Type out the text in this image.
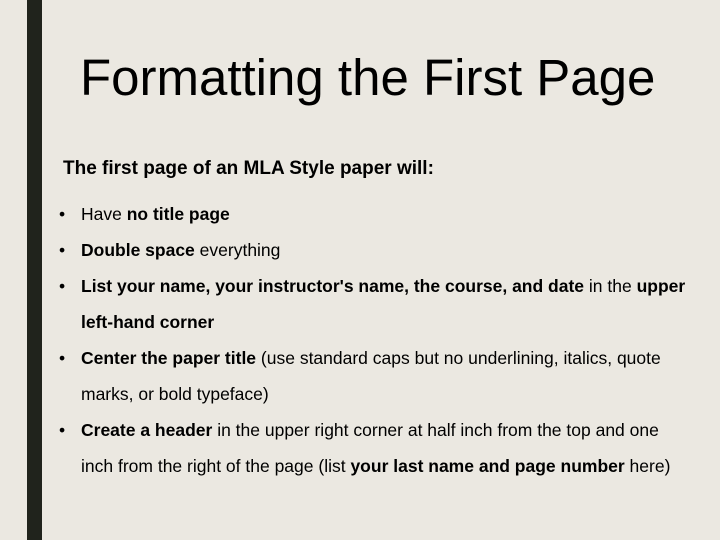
Formatting the First Page

The first page of an MLA Style paper will:

• Have no title page
• Double space everything
• List your name, your instructor's name, the course, and date in the upper left-hand corner
• Center the paper title (use standard caps but no underlining, italics, quote marks, or bold typeface)
• Create a header in the upper right corner at half inch from the top and one inch from the right of the page (list your last name and page number here)
